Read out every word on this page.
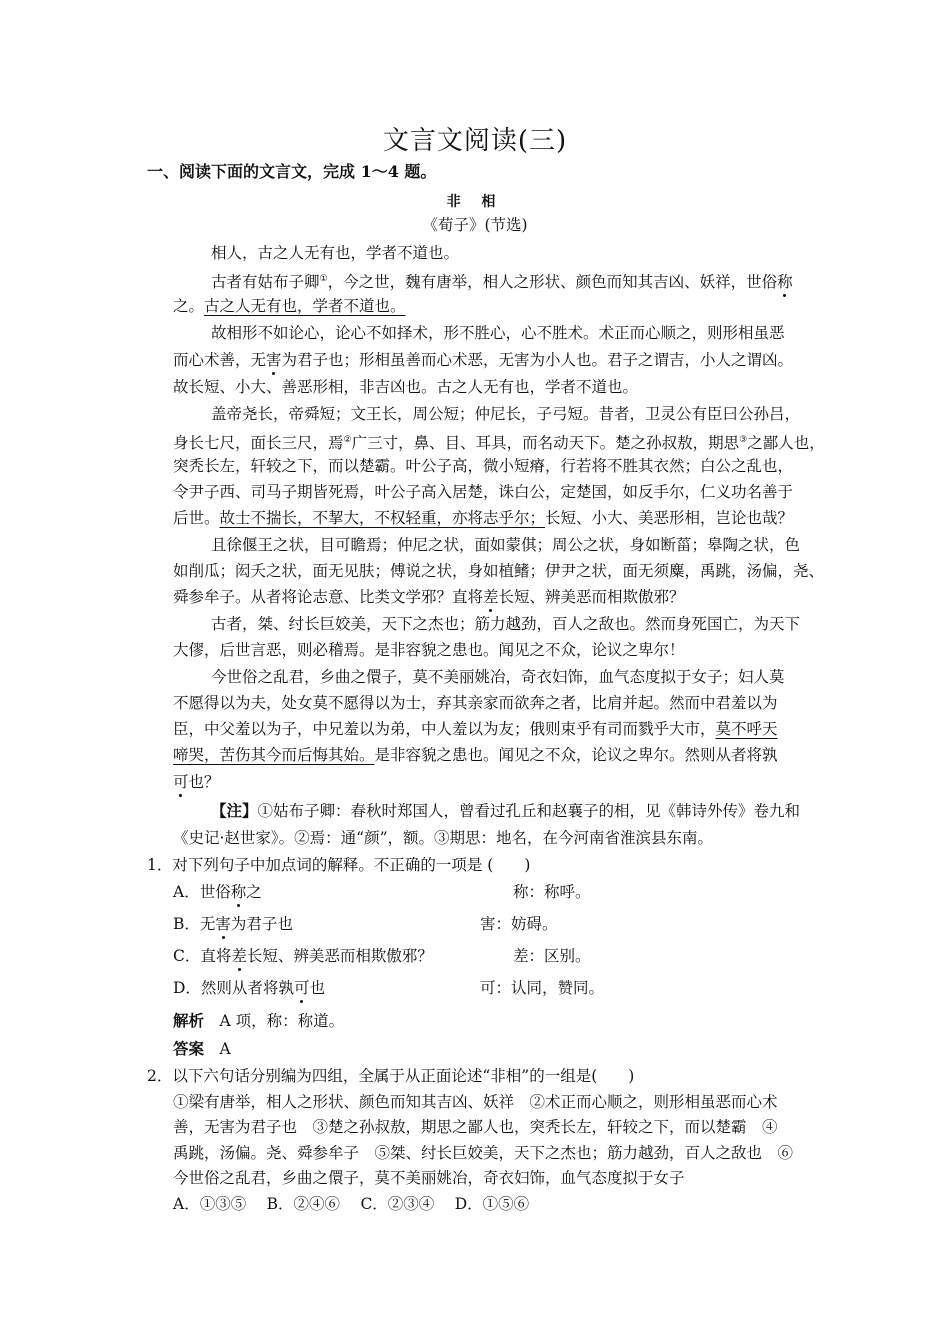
文言文阅读(三)
一、阅读下面的文言文，完成 1～4 题。
非 相
《荀子》(节选)
相人，古之人无有也，学者不道也。
古者有姑布子卿①，今之世，魏有唐举，相人之形状、颜色而知其吉凶、妖祥，世俗称
之。古之人无有也，学者不道也。
故相形不如论心，论心不如择术，形不胜心，心不胜术。术正而心顺之，则形相虽恶
而心术善，无害为君子也；形相虽善而心术恶，无害为小人也。君子之谓吉，小人之谓凶。
故长短、小大、善恶形相，非吉凶也。古之人无有也，学者不道也。
盖帝尧长，帝舜短；文王长，周公短；仲尼长，子弓短。昔者，卫灵公有臣曰公孙吕，
身长七尺，面长三尺，焉②广三寸，鼻、目、耳具，而名动天下。楚之孙叔敖，期思③之鄙人也，
突秃长左，轩较之下，而以楚霸。叶公子高，微小短瘠，行若将不胜其衣然；白公之乱也，
令尹子西、司马子期皆死焉，叶公子高入居楚，诛白公，定楚国，如反手尔，仁义功名善于
后世。故士不揣长，不挈大，不权轻重，亦将志乎尔；长短、小大、美恶形相，岂论也哉？
且徐偃王之状，目可瞻焉；仲尼之状，面如蒙倛；周公之状，身如断菑；皋陶之状，色
如削瓜；闳夭之状，面无见肤；傅说之状，身如植鳍；伊尹之状，面无须麋，禹跳，汤偏，尧、
舜参牟子。从者将论志意、比类文学邪？直将差长短、辨美恶而相欺傲邪？
古者，桀、纣长巨姣美，天下之杰也；筋力越劲，百人之敌也。然而身死国亡，为天下
大僇，后世言恶，则必稽焉。是非容貌之患也。闻见之不众，论议之卑尔！
今世俗之乱君，乡曲之儇子，莫不美丽姚冶，奇衣妇饰，血气态度拟于女子；妇人莫
不愿得以为夫，处女莫不愿得以为士，弃其亲家而欲奔之者，比肩并起。然而中君羞以为
臣，中父羞以为子，中兄羞以为弟，中人羞以为友；俄则束乎有司而戮乎大市，莫不呼天
啼哭，苦伤其今而后悔其始。是非容貌之患也。闻见之不众，论议之卑尔。然则从者将孰
可也？
【注】①姑布子卿：春秋时郑国人，曾看过孔丘和赵襄子的相，见《韩诗外传》卷九和
《史记·赵世家》。②焉：通“颜”，额。③期思：地名，在今河南省淮滨县东南。
1．对下列句子中加点词的解释。不正确的一项是 (　　)
A．世俗称之	称：称呼。
B．无害为君子也	害：妨碍。
C．直将差长短、辨美恶而相欺傲邪？	差：区别。
D．然则从者将孰可也	可：认同，赞同。
解析　 A 项，称：称道。
答案　 A
2．以下六句话分别编为四组，全属于从正面论述“非相”的一组是(　　)
①梁有唐举，相人之形状、颜色而知其吉凶、妖祥　②术正而心顺之，则形相虽恶而心术
善，无害为君子也　③楚之孙叔敖，期思之鄙人也，突秃长左，轩较之下，而以楚霸　④
禹跳，汤偏。尧、舜参牟子　⑤桀、纣长巨姣美，天下之杰也；筋力越劲，百人之敌也　⑥
今世俗之乱君，乡曲之儇子，莫不美丽姚冶，奇衣妇饰，血气态度拟于女子
A．①③⑤　 B．②④⑥　 C．②③④　 D．①⑤⑥
